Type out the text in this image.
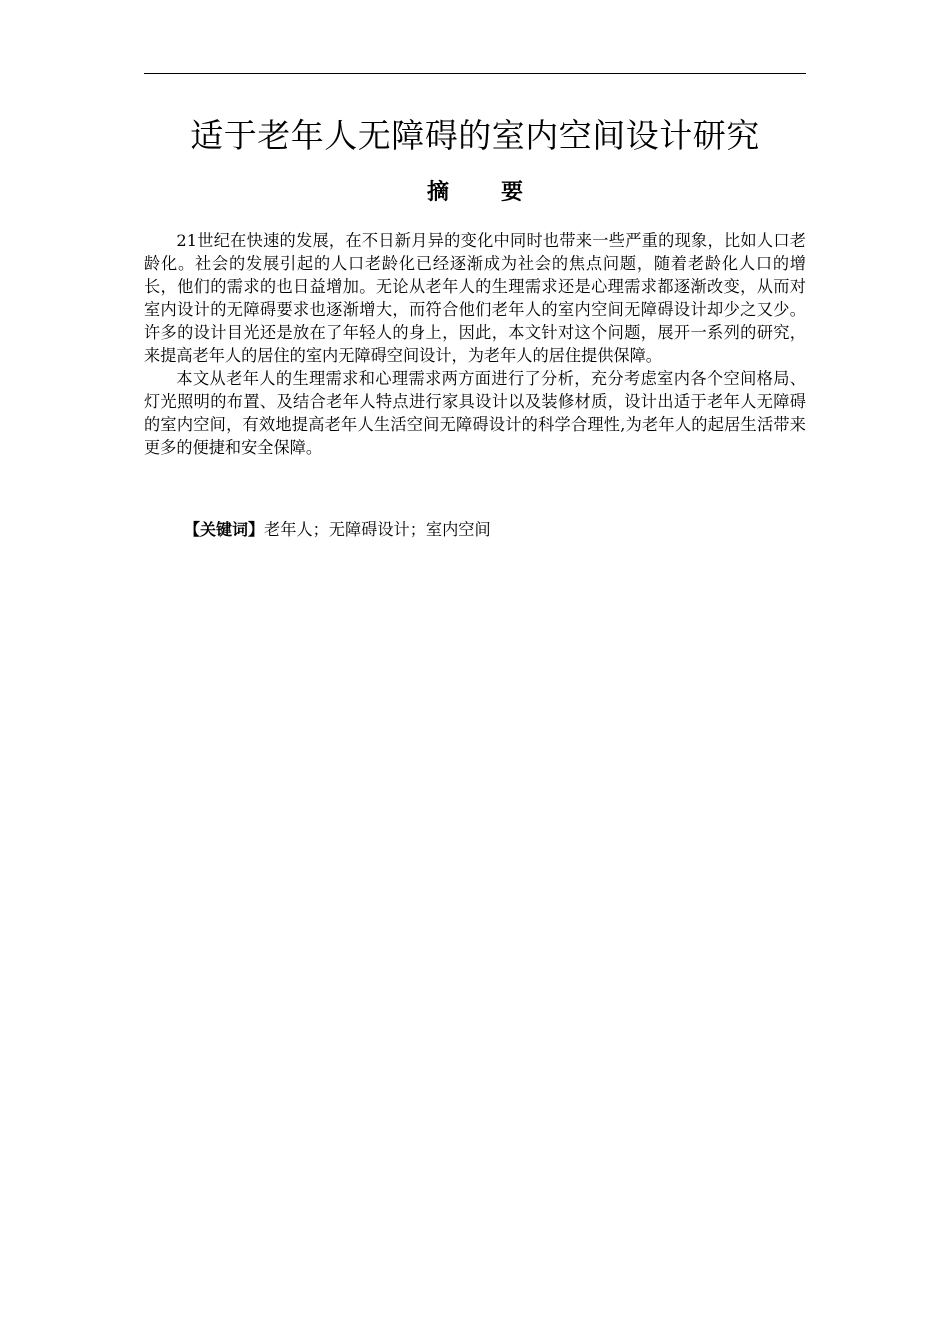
适于老年人无障碍的室内空间设计研究
摘 要

21世纪在快速的发展，在不日新月异的变化中同时也带来一些严重的现象，比如人口老龄化。社会的发展引起的人口老龄化已经逐渐成为社会的焦点问题，随着老龄化人口的增长，他们的需求的也日益增加。无论从老年人的生理需求还是心理需求都逐渐改变，从而对室内设计的无障碍要求也逐渐增大，而符合他们老年人的室内空间无障碍设计却少之又少。许多的设计目光还是放在了年轻人的身上，因此，本文针对这个问题，展开一系列的研究，来提高老年人的居住的室内无障碍空间设计，为老年人的居住提供保障。

本文从老年人的生理需求和心理需求两方面进行了分析，充分考虑室内各个空间格局、灯光照明的布置、及结合老年人特点进行家具设计以及装修材质，设计出适于老年人无障碍的室内空间，有效地提高老年人生活空间无障碍设计的科学合理性,为老年人的起居生活带来更多的便捷和安全保障。

【关键词】老年人；无障碍设计；室内空间
